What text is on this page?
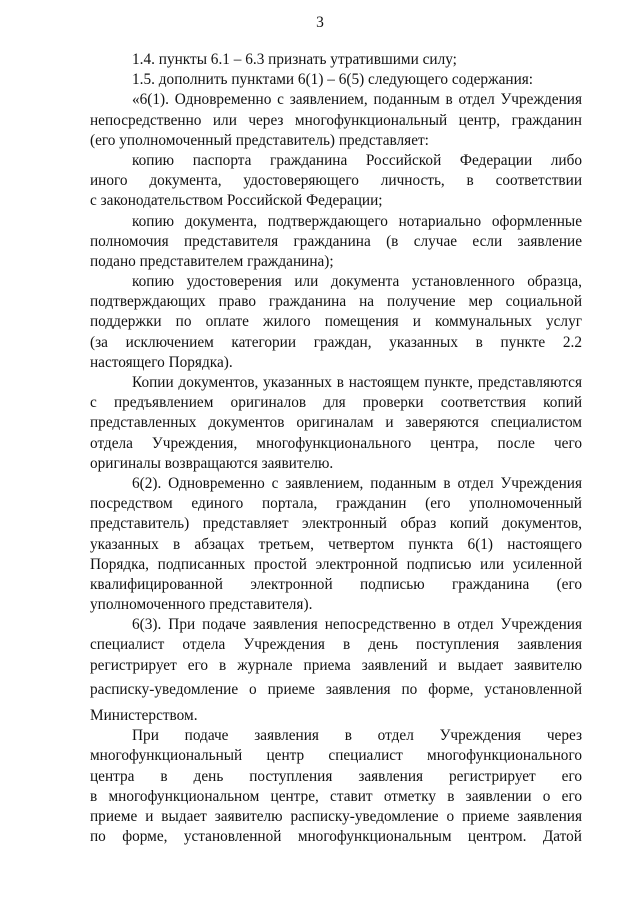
3
1.4. пункты 6.1 – 6.3 признать утратившими силу;
1.5. дополнить пунктами 6(1) – 6(5) следующего содержания:
«6(1). Одновременно с заявлением, поданным в отдел Учреждения
непосредственно или через многофункциональный центр, гражданин
(его уполномоченный представитель) представляет:
копию паспорта гражданина Российской Федерации либо
иного документа, удостоверяющего личность, в соответствии
с законодательством Российской Федерации;
копию документа, подтверждающего нотариально оформленные
полномочия представителя гражданина (в случае если заявление
подано представителем гражданина);
копию удостоверения или документа установленного образца,
подтверждающих право гражданина на получение мер социальной
поддержки по оплате жилого помещения и коммунальных услуг
(за исключением категории граждан, указанных в пункте 2.2
настоящего Порядка).
Копии документов, указанных в настоящем пункте, представляются
с предъявлением оригиналов для проверки соответствия копий
представленных документов оригиналам и заверяются специалистом
отдела Учреждения, многофункционального центра, после чего
оригиналы возвращаются заявителю.
6(2). Одновременно с заявлением, поданным в отдел Учреждения
посредством единого портала, гражданин (его уполномоченный
представитель) представляет электронный образ копий документов,
указанных в абзацах третьем, четвертом пункта 6(1) настоящего
Порядка, подписанных простой электронной подписью или усиленной
квалифицированной электронной подписью гражданина (его
уполномоченного представителя).
6(3). При подаче заявления непосредственно в отдел Учреждения
специалист отдела Учреждения в день поступления заявления
регистрирует его в журнале приема заявлений и выдает заявителю
расписку-уведомление о приеме заявления по форме, установленной
Министерством.
При подаче заявления в отдел Учреждения через
многофункциональный центр специалист многофункционального
центра в день поступления заявления регистрирует его
в многофункциональном центре, ставит отметку в заявлении о его
приеме и выдает заявителю расписку-уведомление о приеме заявления
по форме, установленной многофункциональным центром. Датой
